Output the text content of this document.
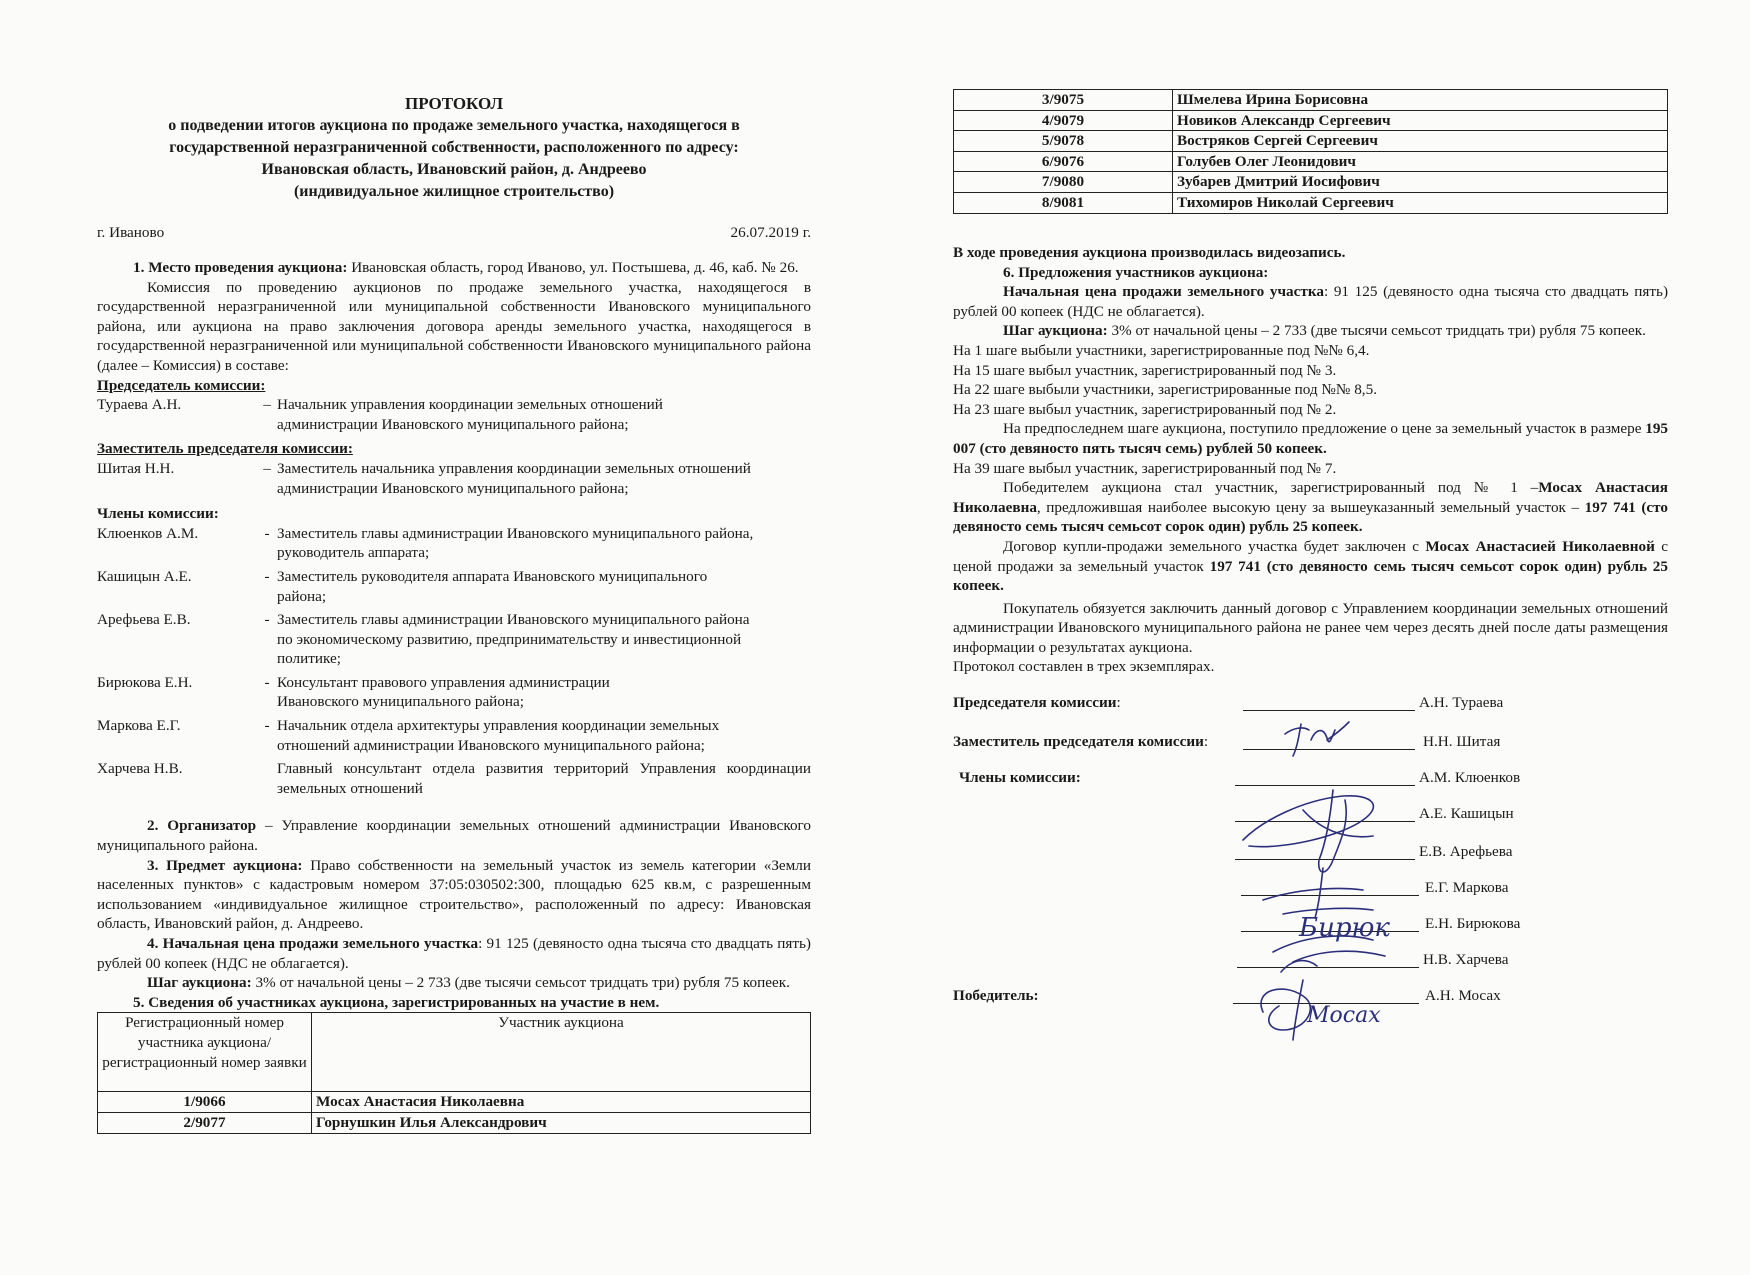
ПРОТОКОЛ
о подведении итогов аукциона по продаже земельного участка, находящегося в
государственной неразграниченной собственности, расположенного по адресу:
Ивановская область, Ивановский район, д. Андреево
(индивидуальное жилищное строительство)
г. Иваново	26.07.2019 г.

1. Место проведения аукциона: Ивановская область, город Иваново, ул. Постышева, д. 46, каб. № 26.

Комиссия по проведению аукционов по продаже земельного участка, находящегося в государственной неразграниченной или муниципальной собственности Ивановского муниципального района, или аукциона на право заключения договора аренды земельного участка, находящегося в государственной неразграниченной или муниципальной собственности Ивановского муниципального района (далее – Комиссия) в составе:

Председатель комиссии:

Тураева А.Н.	– Начальник управления координации земельных отношений администрации Ивановского муниципального района;

Заместитель председателя комиссии:

Шитая Н.Н.	– Заместитель начальника управления координации земельных отношений администрации Ивановского муниципального района;

Члены комиссии:

Клюенков А.М.	- Заместитель главы администрации Ивановского муниципального района, руководитель аппарата;
Кашицын А.Е.	- Заместитель руководителя аппарата Ивановского муниципального района;
Арефьева Е.В.	- Заместитель главы администрации Ивановского муниципального района по экономическому развитию, предпринимательству и инвестиционной политике;
Бирюкова Е.Н.	- Консультант правового управления администрации Ивановского муниципального района;
Маркова Е.Г.	- Начальник отдела архитектуры управления координации земельных отношений администрации Ивановского муниципального района;
Харчева Н.В.	Главный консультант отдела развития территорий Управления координации земельных отношений

2. Организатор – Управление координации земельных отношений администрации Ивановского муниципального района.

3. Предмет аукциона: Право собственности на земельный участок из земель категории «Земли населенных пунктов» с кадастровым номером 37:05:030502:300, площадью 625 кв.м, с разрешенным использованием «индивидуальное жилищное строительство», расположенный по адресу: Ивановская область, Ивановский район, д. Андреево.

4. Начальная цена продажи земельного участка: 91 125 (девяносто одна тысяча сто двадцать пять) рублей 00 копеек (НДС не облагается).

Шаг аукциона: 3% от начальной цены – 2 733 (две тысячи семьсот тридцать три) рубля 75 копеек.

5. Сведения об участниках аукциона, зарегистрированных на участие в нем.

Регистрационный номер участника аукциона/ регистрационный номер заявки	Участник аукциона
1/9066	Мосах Анастасия Николаевна
2/9077	Горнушкин Илья Александрович
3/9075	Шмелева Ирина Борисовна
4/9079	Новиков Александр Сергеевич
5/9078	Востряков Сергей Сергеевич
6/9076	Голубев Олег Леонидович
7/9080	Зубарев Дмитрий Иосифович
8/9081	Тихомиров Николай Сергеевич

В ходе проведения аукциона производилась видеозапись.

6. Предложения участников аукциона:

Начальная цена продажи земельного участка: 91 125 (девяносто одна тысяча сто двадцать пять) рублей 00 копеек (НДС не облагается).

Шаг аукциона: 3% от начальной цены – 2 733 (две тысячи семьсот тридцать три) рубля 75 копеек.

На 1 шаге выбыли участники, зарегистрированные под №№ 6,4.

На 15 шаге выбыл участник, зарегистрированный под № 3.

На 22 шаге выбыли участники, зарегистрированные под №№ 8,5.

На 23 шаге выбыл участник, зарегистрированный под № 2.

На предпоследнем шаге аукциона, поступило предложение о цене за земельный участок в размере 195 007 (сто девяносто пять тысяч семь) рублей 50 копеек.

На 39 шаге выбыл участник, зарегистрированный под № 7.

Победителем аукциона стал участник, зарегистрированный под № 1 –Мосах Анастасия Николаевна, предложившая наиболее высокую цену за вышеуказанный земельный участок – 197 741 (сто девяносто семь тысяч семьсот сорок один) рубль 25 копеек.

Договор купли-продажи земельного участка будет заключен с Мосах Анастасией Николаевной с ценой продажи за земельный участок 197 741 (сто девяносто семь тысяч семьсот сорок один) рубль 25 копеек.

Покупатель обязуется заключить данный договор с Управлением координации земельных отношений администрации Ивановского муниципального района не ранее чем через десять дней после даты размещения информации о результатах аукциона.

Протокол составлен в трех экземплярах.

Председателя комиссии:	А.Н. Тураева
Заместитель председателя комиссии:	Н.Н. Шитая
Члены комиссии:	А.М. Клюенков
А.Е. Кашицын
Е.В. Арефьева
Е.Г. Маркова
Е.Н. Бирюкова
Н.В. Харчева
Победитель:	А.Н. Мосах
Мосах
Бирюк
